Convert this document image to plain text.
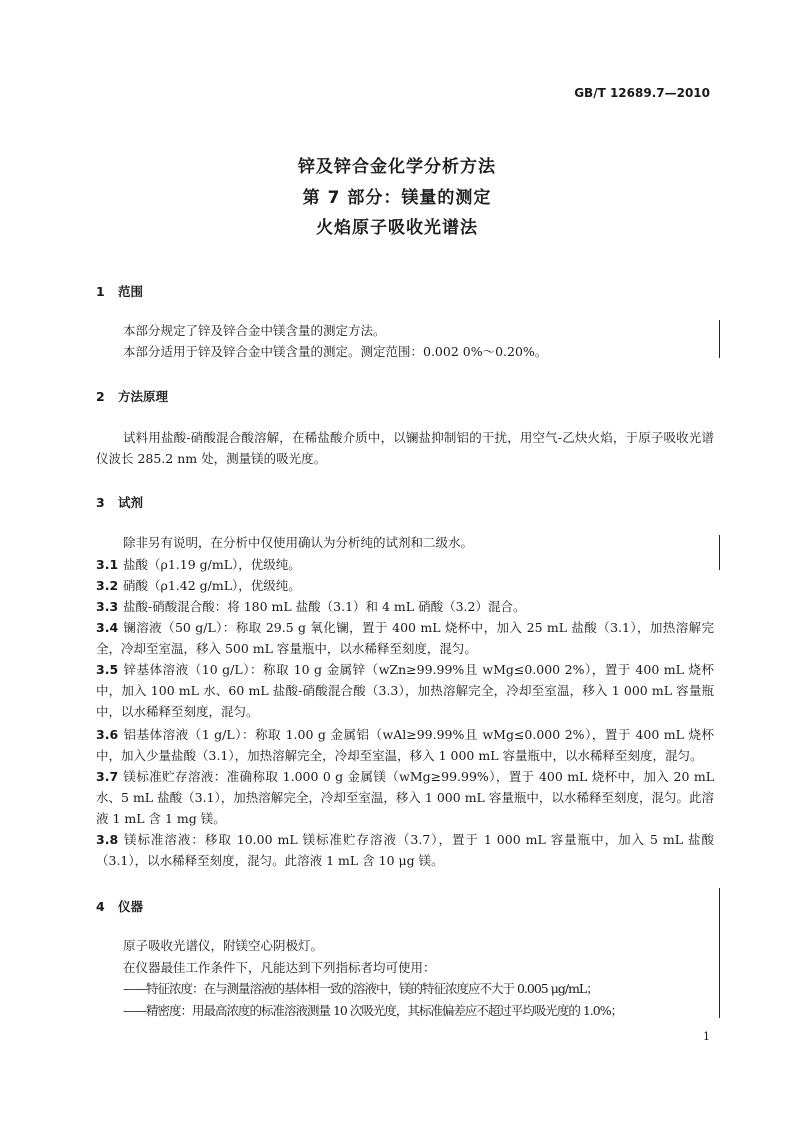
GB/T 12689.7—2010
锌及锌合金化学分析方法
第 7 部分：镁量的测定
火焰原子吸收光谱法
1 范围
本部分规定了锌及锌合金中镁含量的测定方法。
本部分适用于锌及锌合金中镁含量的测定。测定范围：0.002 0%～0.20%。
2 方法原理
试料用盐酸-硝酸混合酸溶解，在稀盐酸介质中，以镧盐抑制铝的干扰，用空气-乙炔火焰，于原子吸收光谱仪波长 285.2 nm 处，测量镁的吸光度。
3 试剂
除非另有说明，在分析中仅使用确认为分析纯的试剂和二级水。
3.1 盐酸（ρ1.19 g/mL），优级纯。
3.2 硝酸（ρ1.42 g/mL），优级纯。
3.3 盐酸-硝酸混合酸：将 180 mL 盐酸（3.1）和 4 mL 硝酸（3.2）混合。
3.4 镧溶液（50 g/L）：称取 29.5 g 氧化镧，置于 400 mL 烧杯中，加入 25 mL 盐酸（3.1），加热溶解完全，冷却至室温，移入 500 mL 容量瓶中，以水稀释至刻度，混匀。
3.5 锌基体溶液（10 g/L）：称取 10 g 金属锌（wZn≥99.99%且 wMg≤0.000 2%），置于 400 mL 烧杯中，加入 100 mL 水、60 mL 盐酸-硝酸混合酸（3.3），加热溶解完全，冷却至室温，移入 1 000 mL 容量瓶中，以水稀释至刻度，混匀。
3.6 铝基体溶液（1 g/L）：称取 1.00 g 金属铝（wAl≥99.99%且 wMg≤0.000 2%），置于 400 mL 烧杯中，加入少量盐酸（3.1），加热溶解完全，冷却至室温，移入 1 000 mL 容量瓶中，以水稀释至刻度，混匀。
3.7 镁标准贮存溶液：准确称取 1.000 0 g 金属镁（wMg≥99.99%），置于 400 mL 烧杯中，加入 20 mL 水、5 mL 盐酸（3.1），加热溶解完全，冷却至室温，移入 1 000 mL 容量瓶中，以水稀释至刻度，混匀。此溶液 1 mL 含 1 mg 镁。
3.8 镁标准溶液：移取 10.00 mL 镁标准贮存溶液（3.7），置于 1 000 mL 容量瓶中，加入 5 mL 盐酸（3.1），以水稀释至刻度，混匀。此溶液 1 mL 含 10 μg 镁。
4 仪器
原子吸收光谱仪，附镁空心阴极灯。
在仪器最佳工作条件下，凡能达到下列指标者均可使用：
——特征浓度：在与测量溶液的基体相一致的溶液中，镁的特征浓度应不大于 0.005 μg/mL；
——精密度：用最高浓度的标准溶液测量 10 次吸光度，其标准偏差应不超过平均吸光度的 1.0%；
1
